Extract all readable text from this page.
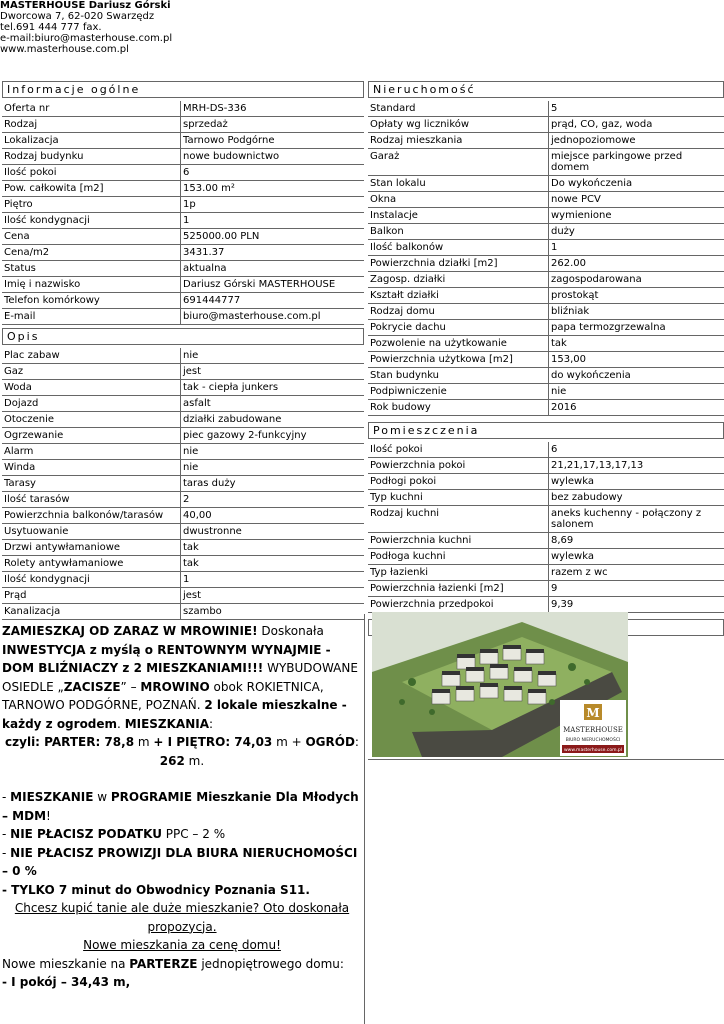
MASTERHOUSE Dariusz Górski
Dworcowa 7, 62-020 Swarzędz
tel.691 444 777 fax.
e-mail:biuro@masterhouse.com.pl
www.masterhouse.com.pl
Informacje ogólne
Oferta nr	MRH-DS-336
Rodzaj	sprzedaż
Lokalizacja	Tarnowo Podgórne
Rodzaj budynku	nowe budownictwo
Ilość pokoi	6
Pow. całkowita [m2]	153.00 m²
Piętro	1p
Ilość kondygnacji	1
Cena	525000.00 PLN
Cena/m2	3431.37
Status	aktualna
Imię i nazwisko	Dariusz Górski MASTERHOUSE
Telefon komórkowy	691444777
E-mail	biuro@masterhouse.com.pl
Opis
Plac zabaw	nie
Gaz	jest
Woda	tak - ciepła junkers
Dojazd	asfalt
Otoczenie	działki zabudowane
Ogrzewanie	piec gazowy 2-funkcyjny
Alarm	nie
Winda	nie
Tarasy	taras duży
Ilość tarasów	2
Powierzchnia balkonów/tarasów	40,00
Usytuowanie	dwustronne
Drzwi antywłamaniowe	tak
Rolety antywłamaniowe	tak
Ilość kondygnacji	1
Prąd	jest
Kanalizacja	szambo
Nieruchomość
Standard	5
Opłaty wg liczników	prąd, CO, gaz, woda
Rodzaj mieszkania	jednopoziomowe
Garaż	miejsce parkingowe przed domem
Stan lokalu	Do wykończenia
Okna	nowe PCV
Instalacje	wymienione
Balkon	duży
Ilość balkonów	1
Powierzchnia działki [m2]	262.00
Zagosp. działki	zagospodarowana
Kształt działki	prostokąt
Rodzaj domu	bliźniak
Pokrycie dachu	papa termozgrzewalna
Pozwolenie na użytkowanie	tak
Powierzchnia użytkowa [m2]	153,00
Stan budynku	do wykończenia
Podpiwniczenie	nie
Rok budowy	2016
Pomieszczenia
Ilość pokoi	6
Powierzchnia pokoi	21,21,17,13,17,13
Podłogi pokoi	wylewka
Typ kuchni	bez zabudowy
Rodzaj kuchni	aneks kuchenny - połączony z salonem
Powierzchnia kuchni	8,69
Podłoga kuchni	wylewka
Typ łazienki	razem z wc
Powierzchnia łazienki [m2]	9
Powierzchnia przedpokoi	9,39
M
MASTERHOUSE
BIURO NIERUCHOMOŚCI
www.masterhouse.com.pl

ZAMIESZKAJ OD ZARAZ W MROWINIE! Doskonała INWESTYCJA z myślą o RENTOWNYM WYNAJMIE - DOM BLIŹNIACZY z 2 MIESZKANIAMI!!! WYBUDOWANE OSIEDLE „ZACISZE” – MROWINO obok ROKIETNICA, TARNOWO PODGÓRNE, POZNAŃ. 2 lokale mieszkalne - każdy z ogrodem. MIESZKANIA:

czyli: PARTER: 78,8 m + I PIĘTRO: 74,03 m + OGRÓD: 262 m.

- MIESZKANIE w PROGRAMIE Mieszkanie Dla Młodych – MDM!

- NIE PŁACISZ PODATKU PPC – 2 %

- NIE PŁACISZ PROWIZJI DLA BIURA NIERUCHOMOŚCI – 0 %

- TYLKO 7 minut do Obwodnicy Poznania S11.

Chcesz kupić tanie ale duże mieszkanie? Oto doskonała propozycja.

Nowe mieszkania za cenę domu!

Nowe mieszkanie na PARTERZE jednopiętrowego domu:

- I pokój – 34,43 m,
